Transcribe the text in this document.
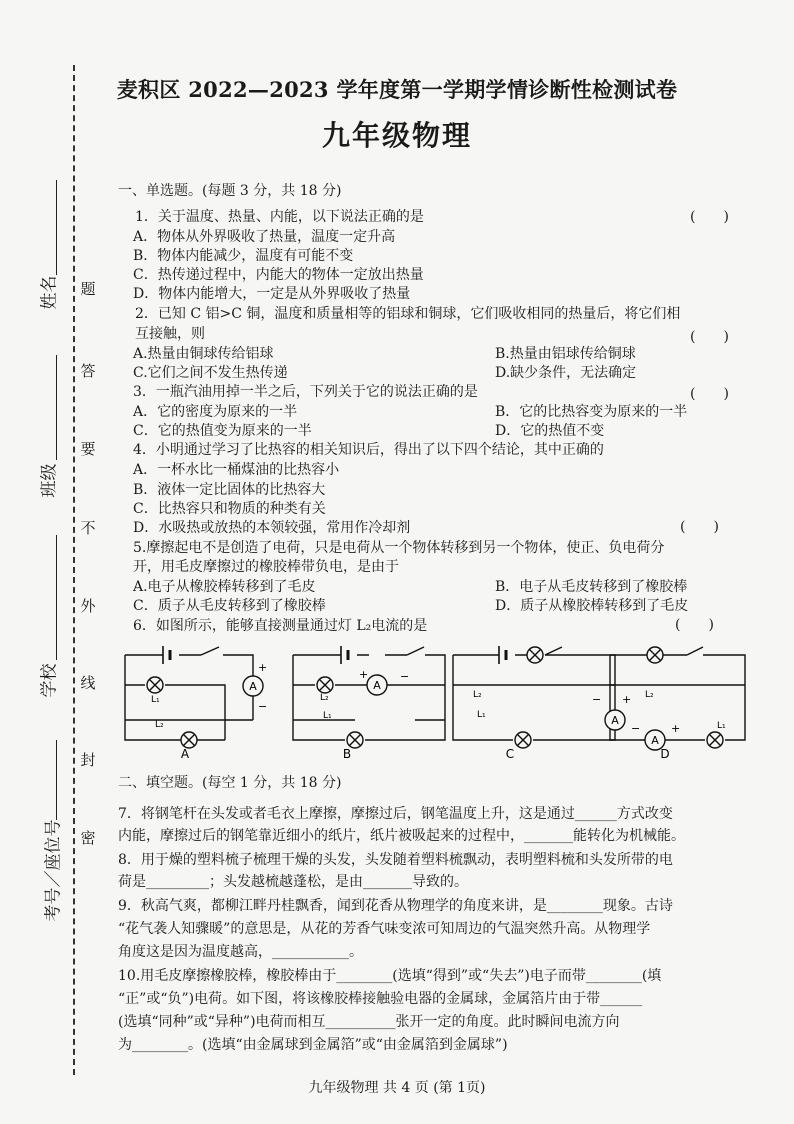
姓名
班级
学校
考号／座位号
题
答
要
不
外
线
封
密
麦积区 2022—2023 学年度第一学期学情诊断性检测试卷
九年级物理
一、单选题。(每题 3 分，共 18 分)
1．关于温度、热量、内能，以下说法正确的是	(　　)
A．物体从外界吸收了热量，温度一定升高
B．物体内能减少，温度有可能不变
C．热传递过程中，内能大的物体一定放出热量
D．物体内能增大，一定是从外界吸收了热量
2．已知 C 铝>C 铜，温度和质量相等的铝球和铜球，它们吸收相同的热量后，将它们相
互接触，则	(　　)
A.热量由铜球传给铝球	B.热量由铝球传给铜球
C.它们之间不发生热传递	D.缺少条件，无法确定
3．一瓶汽油用掉一半之后，下列关于它的说法正确的是	(　　)
A．它的密度为原来的一半	B．它的比热容变为原来的一半
C．它的热值变为原来的一半	D．它的热值不变
4．小明通过学习了比热容的相关知识后，得出了以下四个结论，其中正确的
A．一杯水比一桶煤油的比热容小
B．液体一定比固体的比热容大
C．比热容只和物质的种类有关
D．水吸热或放热的本领较强，常用作冷却剂	(　　)
5.摩擦起电不是创造了电荷，只是电荷从一个物体转移到另一个物体，使正、负电荷分
开，用毛皮摩擦过的橡胶棒带负电，是由于
A.电子从橡胶棒转移到了毛皮	B．电子从毛皮转移到了橡胶棒
C．质子从毛皮转移到了橡胶棒	D．质子从橡胶棒转移到了毛皮
6．如图所示，能够直接测量通过灯 L₂电流的是	(　　)
A
+
−
L₁
L₂
A
+	−
L₂
L₁	A
− +
L₂
L₁
A
−	+
L₂
L₁
A	B	C	D
二、填空题。(每空 1 分，共 18 分)
7．将钢笔杆在头发或者毛衣上摩擦，摩擦过后，钢笔温度上升，这是通过______方式改变
内能，摩擦过后的钢笔靠近细小的纸片，纸片被吸起来的过程中，_______能转化为机械能。
8．用于燥的塑料梳子梳理干燥的头发，头发随着塑料梳飘动，表明塑料梳和头发所带的电
荷是_________；头发越梳越蓬松，是由_______导致的。
9．秋高气爽，都柳江畔丹桂飘香，闻到花香从物理学的角度来讲，是________现象。古诗
“花气袭人知骤暖”的意思是，从花的芳香气味变浓可知周边的气温突然升高。从物理学
角度这是因为温度越高，___________。
10.用毛皮摩擦橡胶棒，橡胶棒由于________(选填“得到”或“失去”)电子而带________(填
“正”或“负”)电荷。如下图，将该橡胶棒接触验电器的金属球，金属箔片由于带______
(选填“同种”或“异种”)电荷而相互__________张开一定的角度。此时瞬间电流方向
为________。(选填“由金属球到金属箔”或“由金属箔到金属球”)
九年级物理 共 4 页 (第 1页)
